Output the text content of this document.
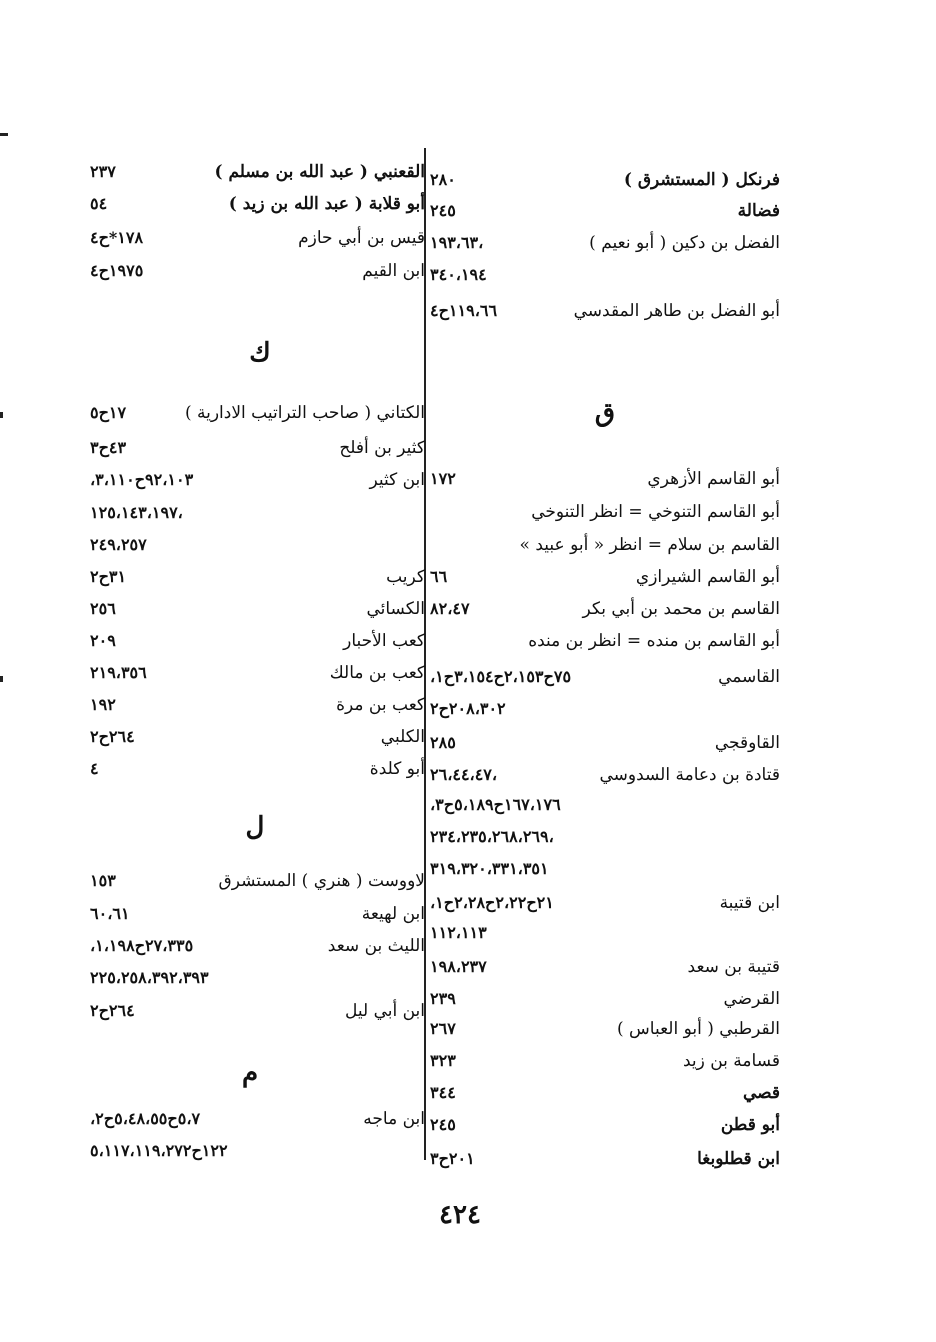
فرنكل ( المستشرق )
٢٨٠
فضالة
٢٤٥
الفضل بن دكين ( أبو نعيم )
١٩٣،٦٣،
٣٤٠،١٩٤
أبو الفضل بن طاهر المقدسي
١١٩،٦٦ح٤
ق
أبو القاسم الأزهري
١٧٢
أبو القاسم التنوخي = انظر التنوخي
القاسم بن سلام = انظر « أبو عبيد »
أبو القاسم الشيرازي
٦٦
القاسم بن محمد بن أبي بكر
٨٢،٤٧
أبو القاسم بن منده = انظر بن منده
القاسمي
٧٥ح٢،١٥٣ح٣،١٥٤ح١،
٢٠٨،٣٠٢ح٢
القاوقجي
٢٨٥
قتادة بن دعامة السدوسي
٢٦،٤٤،٤٧،
١٦٧،١٧٦ح٥،١٨٩ح٣،
٢٣٤،٢٣٥،٢٦٨،٢٦٩،
٣١٩،٣٢٠،٣٣١،٣٥١
ابن قتيبة
٢١ح٢،٢٢ح٢،٢٨ح١،
١١٢،١١٣
قتيبة بن سعد
١٩٨،٢٣٧
القرضي
٢٣٩
القرطبي ( أبو العباس )
٢٦٧
قسامة بن زيد
٣٢٣
قصي
٣٤٤
أبو قطن
٢٤٥
ابن قطلوبغا
٢٠١ح٣
القعنبي ( عبد الله بن مسلم )
٢٣٧
أبو قلابة ( عبد الله بن زيد )
٥٤
قيس بن أبي حازم
١٧٨*ح٤
ابن القيم
١٩٧٥ح٤
ك
الكتاني ( صاحب التراتيب الادارية )
١٧ح٥
كثير بن أفلح
٤٣ح٣
ابن كثير
٩٢،١٠٣ح٣،١١٠،
١٢٥،١٤٣،١٩٧،
٢٤٩،٢٥٧
كريب
٣١ح٢
الكسائي
٢٥٦
كعب الأحبار
٢٠٩
كعب بن مالك
٢١٩،٣٥٦
كعب بن مرة
١٩٢
الكلبي
٢٦٤ح٢
أبو كلدة
٤
ل
لاووست ( هنري ) المستشرق
١٥٣
ابن لهيعة
٦٠،٦١
الليث بن سعد
٢٧،٣٣٥ح١،١٩٨،
٢٢٥،٢٥٨،٣٩٢،٣٩٣
ابن أبي ليل
٢٦٤ح٢
م
ابن ماجه
٥،٧ح٥،٤٨،٥٥ح٢،
١٢٢ح٥،١١٧،١١٩،٢٧٢
٤٢٤
